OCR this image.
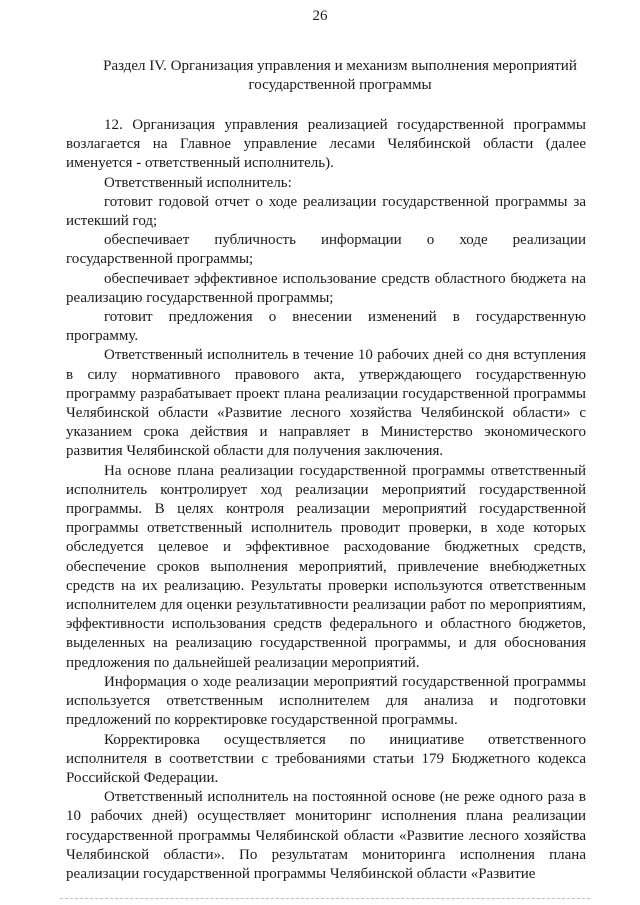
26
Раздел IV. Организация управления и механизм выполнения мероприятий
государственной программы

12. Организация управления реализацией государственной программы возлагается на Главное управление лесами Челябинской области (далее именуется - ответственный исполнитель).

Ответственный исполнитель:

готовит годовой отчет о ходе реализации государственной программы за истекший год;

обеспечивает публичность информации о ходе реализации государственной программы;

обеспечивает эффективное использование средств областного бюджета на реализацию государственной программы;

готовит предложения о внесении изменений в государственную программу.

Ответственный исполнитель в течение 10 рабочих дней со дня вступления в силу нормативного правового акта, утверждающего государственную программу разрабатывает проект плана реализации государственной программы Челябинской области «Развитие лесного хозяйства Челябинской области» с указанием срока действия и направляет в Министерство экономического развития Челябинской области для получения заключения.

На основе плана реализации государственной программы ответственный исполнитель контролирует ход реализации мероприятий государственной программы. В целях контроля реализации мероприятий государственной программы ответственный исполнитель проводит проверки, в ходе которых обследуется целевое и эффективное расходование бюджетных средств, обеспечение сроков выполнения мероприятий, привлечение внебюджетных средств на их реализацию. Результаты проверки используются ответственным исполнителем для оценки результативности реализации работ по мероприятиям, эффективности использования средств федерального и областного бюджетов, выделенных на реализацию государственной программы, и для обоснования предложения по дальнейшей реализации мероприятий.

Информация о ходе реализации мероприятий государственной программы используется ответственным исполнителем для анализа и подготовки предложений по корректировке государственной программы.

Корректировка осуществляется по инициативе ответственного исполнителя в соответствии с требованиями статьи 179 Бюджетного кодекса Российской Федерации.

Ответственный исполнитель на постоянной основе (не реже одного раза в 10 рабочих дней) осуществляет мониторинг исполнения плана реализации государственной программы Челябинской области «Развитие лесного хозяйства Челябинской области». По результатам мониторинга исполнения плана реализации государственной программы Челябинской области «Развитие
